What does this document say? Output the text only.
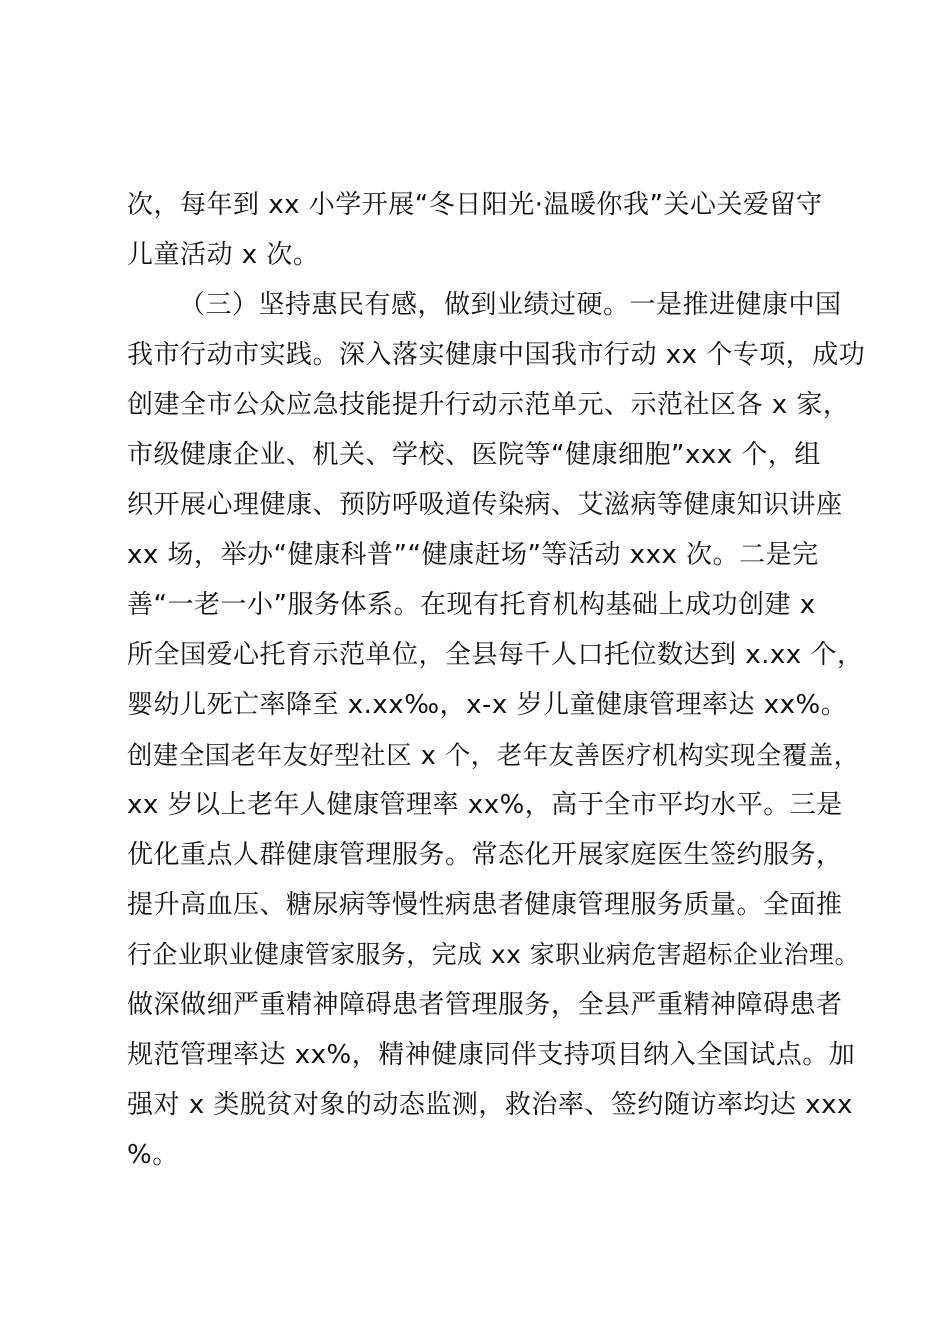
次，每年到 xx 小学开展“冬日阳光·温暖你我”关心关爱留守
儿童活动 x 次。
（三）坚持惠民有感，做到业绩过硬。一是推进健康中国
我市行动市实践。深入落实健康中国我市行动 xx 个专项，成功
创建全市公众应急技能提升行动示范单元、示范社区各 x 家，
市级健康企业、机关、学校、医院等“健康细胞”xxx 个，组
织开展心理健康、预防呼吸道传染病、艾滋病等健康知识讲座
xx 场，举办“健康科普”“健康赶场”等活动 xxx 次。二是完
善“一老一小”服务体系。在现有托育机构基础上成功创建 x
所全国爱心托育示范单位，全县每千人口托位数达到 x.xx 个，
婴幼儿死亡率降至 x.xx‰，x-x 岁儿童健康管理率达 xx%。
创建全国老年友好型社区 x 个，老年友善医疗机构实现全覆盖，
xx 岁以上老年人健康管理率 xx%，高于全市平均水平。三是
优化重点人群健康管理服务。常态化开展家庭医生签约服务，
提升高血压、糖尿病等慢性病患者健康管理服务质量。全面推
行企业职业健康管家服务，完成 xx 家职业病危害超标企业治理。
做深做细严重精神障碍患者管理服务，全县严重精神障碍患者
规范管理率达 xx%，精神健康同伴支持项目纳入全国试点。加
强对 x 类脱贫对象的动态监测，救治率、签约随访率均达 xxx
%。
